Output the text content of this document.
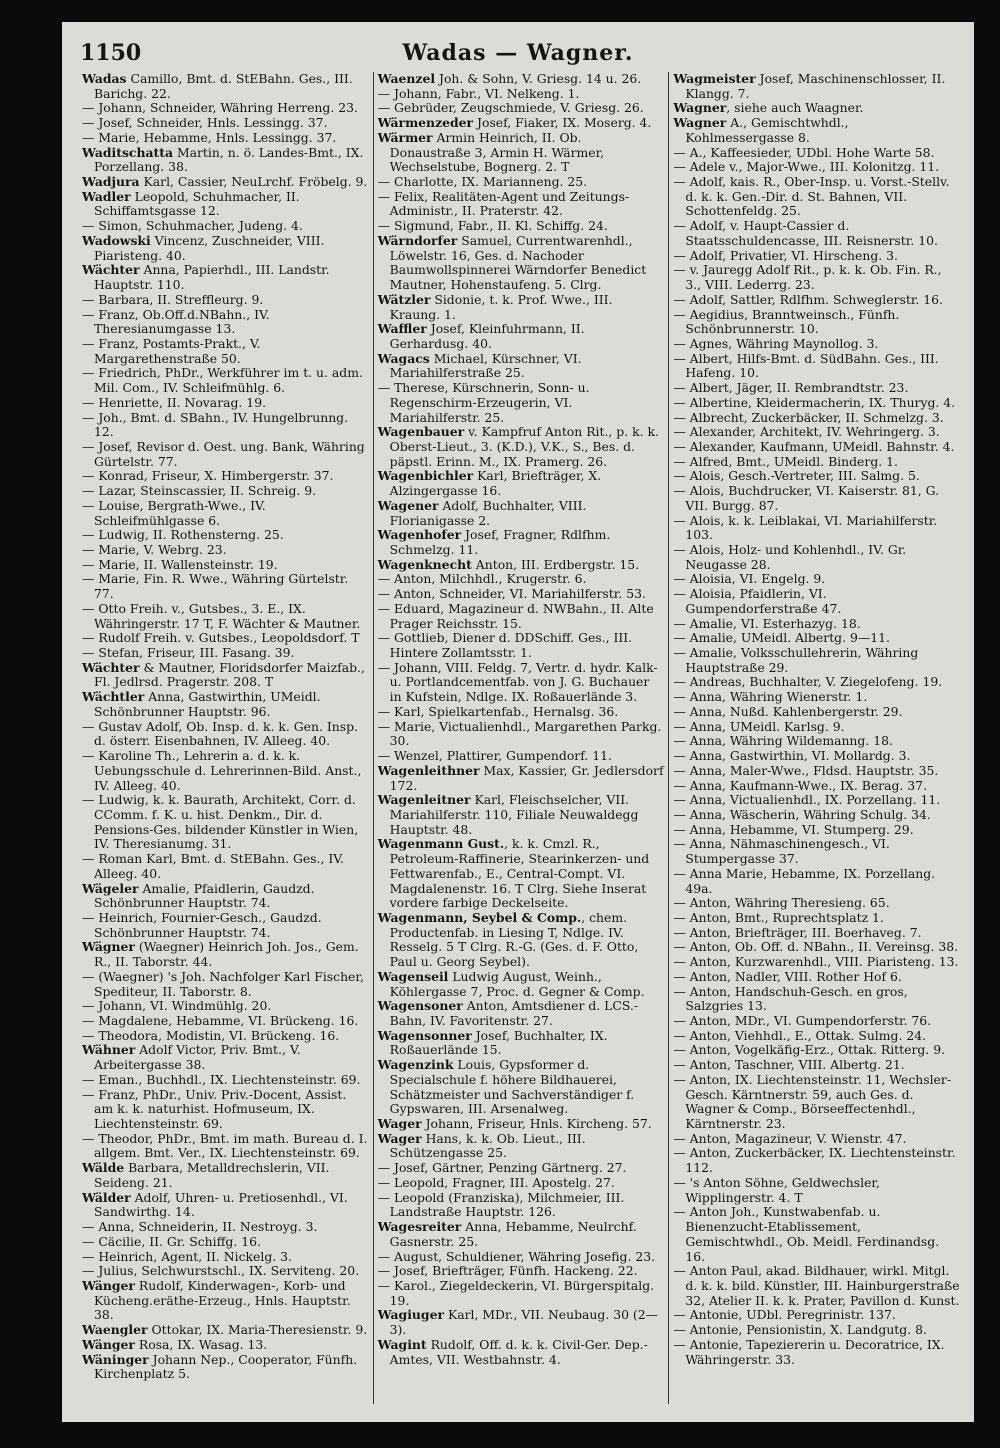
1150	Wadas — Wagner.
Wadas Camillo, Bmt. d. StEBahn. Ges., III. Barichg. 22.
— Johann, Schneider, Währing Herreng. 23.
— Josef, Schneider, Hnls. Lessingg. 37.
— Marie, Hebamme, Hnls. Lessingg. 37.
Waditschatta Martin, n. ö. Landes-Bmt., IX. Porzellang. 38.
Wadjura Karl, Cassier, NeuLrchf. Fröbelg. 9.
Wadler Leopold, Schuhmacher, II. Schiffamtsgasse 12.
— Simon, Schuhmacher, Judeng. 4.
Wadowski Vincenz, Zuschneider, VIII. Piaristeng. 40.
Wächter Anna, Papierhdl., III. Landstr. Hauptstr. 110.
— Barbara, II. Streffleurg. 9.
— Franz, Ob.Off.d.NBahn., IV. Theresianumgasse 13.
— Franz, Postamts-Prakt., V. Margarethenstraße 50.
— Friedrich, PhDr., Werkführer im t. u. adm. Mil. Com., IV. Schleifmühlg. 6.
— Henriette, II. Novarag. 19.
— Joh., Bmt. d. SBahn., IV. Hungelbrunng. 12.
— Josef, Revisor d. Oest. ung. Bank, Währing Gürtelstr. 77.
— Konrad, Friseur, X. Himbergerstr. 37.
— Lazar, Steinscassier, II. Schreig. 9.
— Louise, Bergrath-Wwe., IV. Schleifmühlgasse 6.
— Ludwig, II. Rothensterng. 25.
— Marie, V. Webrg. 23.
— Marie, II. Wallensteinstr. 19.
— Marie, Fin. R. Wwe., Währing Gürtelstr. 77.
— Otto Freih. v., Gutsbes., 3. E., IX. Währingerstr. 17 T, F. Wächter & Mautner.
— Rudolf Freih. v. Gutsbes., Leopoldsdorf. T
— Stefan, Friseur, III. Fasang. 39.
Wächter & Mautner, Floridsdorfer Maizfab., Fl. Jedlrsd. Pragerstr. 208. T
Wächtler Anna, Gastwirthin, UMeidl. Schönbrunner Hauptstr. 96.
— Gustav Adolf, Ob. Insp. d. k. k. Gen. Insp. d. österr. Eisenbahnen, IV. Alleeg. 40.
— Karoline Th., Lehrerin a. d. k. k. Uebungsschule d. Lehrerinnen-Bild. Anst., IV. Alleeg. 40.
— Ludwig, k. k. Baurath, Architekt, Corr. d. CComm. f. K. u. hist. Denkm., Dir. d. Pensions-Ges. bildender Künstler in Wien, IV. Theresianumg. 31.
— Roman Karl, Bmt. d. StEBahn. Ges., IV. Alleeg. 40.
Wägeler Amalie, Pfaidlerin, Gaudzd. Schönbrunner Hauptstr. 74.
— Heinrich, Fournier-Gesch., Gaudzd. Schönbrunner Hauptstr. 74.
Wägner (Waegner) Heinrich Joh. Jos., Gem. R., II. Taborstr. 44.
— (Waegner) 's Joh. Nachfolger Karl Fischer, Spediteur, II. Taborstr. 8.
— Johann, VI. Windmühlg. 20.
— Magdalene, Hebamme, VI. Brückeng. 16.
— Theodora, Modistin, VI. Brückeng. 16.
Wähner Adolf Victor, Priv. Bmt., V. Arbeitergasse 38.
— Eman., Buchhdl., IX. Liechtensteinstr. 69.
— Franz, PhDr., Univ. Priv.-Docent, Assist. am k. k. naturhist. Hofmuseum, IX. Liechtensteinstr. 69.
— Theodor, PhDr., Bmt. im math. Bureau d. I. allgem. Bmt. Ver., IX. Liechtensteinstr. 69.
Wälde Barbara, Metalldrechslerin, VII. Seideng. 21.
Wälder Adolf, Uhren- u. Pretiosenhdl., VI. Sandwirthg. 14.
— Anna, Schneiderin, II. Nestroyg. 3.
— Cäcilie, II. Gr. Schiffg. 16.
— Heinrich, Agent, II. Nickelg. 3.
— Julius, Selchwurstschl., IX. Serviteng. 20.
Wänger Rudolf, Kinderwagen-, Korb- und Kücheng.eräthe-Erzeug., Hnls. Hauptstr. 38.
Waengler Ottokar, IX. Maria-Theresienstr. 9.
Wänger Rosa, IX. Wasag. 13.
Wäninger Johann Nep., Cooperator, Fünfh. Kirchenplatz 5.
Waenzel Joh. & Sohn, V. Griesg. 14 u. 26.
— Johann, Fabr., VI. Nelkeng. 1.
— Gebrüder, Zeugschmiede, V. Griesg. 26.
Wärmenzeder Josef, Fiaker, IX. Moserg. 4.
Wärmer Armin Heinrich, II. Ob. Donaustraße 3, Armin H. Wärmer, Wechselstube, Bognerg. 2. T
— Charlotte, IX. Marianneng. 25.
— Felix, Realitäten-Agent und Zeitungs-Administr., II. Praterstr. 42.
— Sigmund, Fabr., II. Kl. Schiffg. 24.
Wärndorfer Samuel, Currentwarenhdl., Löwelstr. 16, Ges. d. Nachoder Baumwollspinnerei Wärndorfer Benedict Mautner, Hohenstaufeng. 5. Clrg.
Wätzler Sidonie, t. k. Prof. Wwe., III. Kraung. 1.
Waffler Josef, Kleinfuhrmann, II. Gerhardusg. 40.
Wagacs Michael, Kürschner, VI. Mariahilferstraße 25.
— Therese, Kürschnerin, Sonn- u. Regenschirm-Erzeugerin, VI. Mariahilferstr. 25.
Wagenbauer v. Kampfruf Anton Rit., p. k. k. Oberst-Lieut., 3. (K.D.), V.K., S., Bes. d. päpstl. Erinn. M., IX. Pramerg. 26.
Wagenbichler Karl, Briefträger, X. Alzingergasse 16.
Wagener Adolf, Buchhalter, VIII. Florianigasse 2.
Wagenhofer Josef, Fragner, Rdlfhm. Schmelzg. 11.
Wagenknecht Anton, III. Erdbergstr. 15.
— Anton, Milchhdl., Krugerstr. 6.
— Anton, Schneider, VI. Mariahilferstr. 53.
— Eduard, Magazineur d. NWBahn., II. Alte Prager Reichsstr. 15.
— Gottlieb, Diener d. DDSchiff. Ges., III. Hintere Zollamtsstr. 1.
— Johann, VIII. Feldg. 7, Vertr. d. hydr. Kalk- u. Portlandcementfab. von J. G. Buchauer in Kufstein, Ndlge. IX. Roßauerlände 3.
— Karl, Spielkartenfab., Hernalsg. 36.
— Marie, Victualienhdl., Margarethen Parkg. 30.
— Wenzel, Plattirer, Gumpendorf. 11.
Wagenleithner Max, Kassier, Gr. Jedlersdorf 172.
Wagenleitner Karl, Fleischselcher, VII. Mariahilferstr. 110, Filiale Neuwaldegg Hauptstr. 48.
Wagenmann Gust., k. k. Cmzl. R., Petroleum-Raffinerie, Stearinkerzen- und Fettwarenfab., E., Central-Compt. VI. Magdalenenstr. 16. T Clrg. Siehe Inserat vordere farbige Deckelseite.
Wagenmann, Seybel & Comp., chem. Productenfab. in Liesing T, Ndlge. IV. Resselg. 5 T Clrg. R.-G. (Ges. d. F. Otto, Paul u. Georg Seybel).
Wagenseil Ludwig August, Weinh., Köhlergasse 7, Proc. d. Gegner & Comp.
Wagensoner Anton, Amtsdiener d. LCS.-Bahn, IV. Favoritenstr. 27.
Wagensonner Josef, Buchhalter, IX. Roßauerlände 15.
Wagenzink Louis, Gypsformer d. Specialschule f. höhere Bildhauerei, Schätzmeister und Sachverständiger f. Gypswaren, III. Arsenalweg.
Wager Johann, Friseur, Hnls. Kircheng. 57.
Wager Hans, k. k. Ob. Lieut., III. Schützengasse 25.
— Josef, Gärtner, Penzing Gärtnerg. 27.
— Leopold, Fragner, III. Apostelg. 27.
— Leopold (Franziska), Milchmeier, III. Landstraße Hauptstr. 126.
Wagesreiter Anna, Hebamme, Neulrchf. Gasnerstr. 25.
— August, Schuldiener, Währing Josefig. 23.
— Josef, Briefträger, Fünfh. Hackeng. 22.
— Karol., Ziegeldeckerin, VI. Bürgerspitalg. 19.
Wagiuger Karl, MDr., VII. Neubaug. 30 (2—3).
Wagint Rudolf, Off. d. k. k. Civil-Ger. Dep.-Amtes, VII. Westbahnstr. 4.
Wagmeister Josef, Maschinenschlosser, II. Klangg. 7.
Wagner, siehe auch Waagner.
Wagner A., Gemischtwhdl., Kohlmessergasse 8.
— A., Kaffeesieder, UDbl. Hohe Warte 58.
— Adele v., Major-Wwe., III. Kolonitzg. 11.
— Adolf, kais. R., Ober-Insp. u. Vorst.-Stellv. d. k. k. Gen.-Dir. d. St. Bahnen, VII. Schottenfeldg. 25.
— Adolf, v. Haupt-Cassier d. Staatsschuldencasse, III. Reisnerstr. 10.
— Adolf, Privatier, VI. Hirscheng. 3.
— v. Jauregg Adolf Rit., p. k. k. Ob. Fin. R., 3., VIII. Lederrg. 23.
— Adolf, Sattler, Rdlfhm. Schweglerstr. 16.
— Aegidius, Branntweinsch., Fünfh. Schönbrunnerstr. 10.
— Agnes, Währing Maynollog. 3.
— Albert, Hilfs-Bmt. d. SüdBahn. Ges., III. Hafeng. 10.
— Albert, Jäger, II. Rembrandtstr. 23.
— Albertine, Kleidermacherin, IX. Thuryg. 4.
— Albrecht, Zuckerbäcker, II. Schmelzg. 3.
— Alexander, Architekt, IV. Wehringerg. 3.
— Alexander, Kaufmann, UMeidl. Bahnstr. 4.
— Alfred, Bmt., UMeidl. Binderg. 1.
— Alois, Gesch.-Vertreter, III. Salmg. 5.
— Alois, Buchdrucker, VI. Kaiserstr. 81, G. VII. Burgg. 87.
— Alois, k. k. Leiblakai, VI. Mariahilferstr. 103.
— Alois, Holz- und Kohlenhdl., IV. Gr. Neugasse 28.
— Aloisia, VI. Engelg. 9.
— Aloisia, Pfaidlerin, VI. Gumpendorferstraße 47.
— Amalie, VI. Esterhazyg. 18.
— Amalie, UMeidl. Albertg. 9—11.
— Amalie, Volksschullehrerin, Währing Hauptstraße 29.
— Andreas, Buchhalter, V. Ziegelofeng. 19.
— Anna, Währing Wienerstr. 1.
— Anna, Nußd. Kahlenbergerstr. 29.
— Anna, UMeidl. Karlsg. 9.
— Anna, Währing Wildemanng. 18.
— Anna, Gastwirthin, VI. Mollardg. 3.
— Anna, Maler-Wwe., Fldsd. Hauptstr. 35.
— Anna, Kaufmann-Wwe., IX. Berag. 37.
— Anna, Victualienhdl., IX. Porzellang. 11.
— Anna, Wäscherin, Währing Schulg. 34.
— Anna, Hebamme, VI. Stumperg. 29.
— Anna, Nähmaschinengesch., VI. Stumpergasse 37.
— Anna Marie, Hebamme, IX. Porzellang. 49a.
— Anton, Währing Theresieng. 65.
— Anton, Bmt., Ruprechtsplatz 1.
— Anton, Briefträger, III. Boerhaveg. 7.
— Anton, Ob. Off. d. NBahn., II. Vereinsg. 38.
— Anton, Kurzwarenhdl., VIII. Piaristeng. 13.
— Anton, Nadler, VIII. Rother Hof 6.
— Anton, Handschuh-Gesch. en gros, Salzgries 13.
— Anton, MDr., VI. Gumpendorferstr. 76.
— Anton, Viehhdl., E., Ottak. Sulmg. 24.
— Anton, Vogelkäfig-Erz., Ottak. Ritterg. 9.
— Anton, Taschner, VIII. Albertg. 21.
— Anton, IX. Liechtensteinstr. 11, Wechsler-Gesch. Kärntnerstr. 59, auch Ges. d. Wagner & Comp., Börseeffectenhdl., Kärntnerstr. 23.
— Anton, Magazineur, V. Wienstr. 47.
— Anton, Zuckerbäcker, IX. Liechtensteinstr. 112.
— 's Anton Söhne, Geldwechsler, Wipplingerstr. 4. T
— Anton Joh., Kunstwabenfab. u. Bienenzucht-Etablissement, Gemischtwhdl., Ob. Meidl. Ferdinandsg. 16.
— Anton Paul, akad. Bildhauer, wirkl. Mitgl. d. k. k. bild. Künstler, III. Hainburgerstraße 32, Atelier II. k. k. Prater, Pavillon d. Kunst.
— Antonie, UDbl. Peregrinistr. 137.
— Antonie, Pensionistin, X. Landgutg. 8.
— Antonie, Tapeziererin u. Decoratrice, IX. Währingerstr. 33.
